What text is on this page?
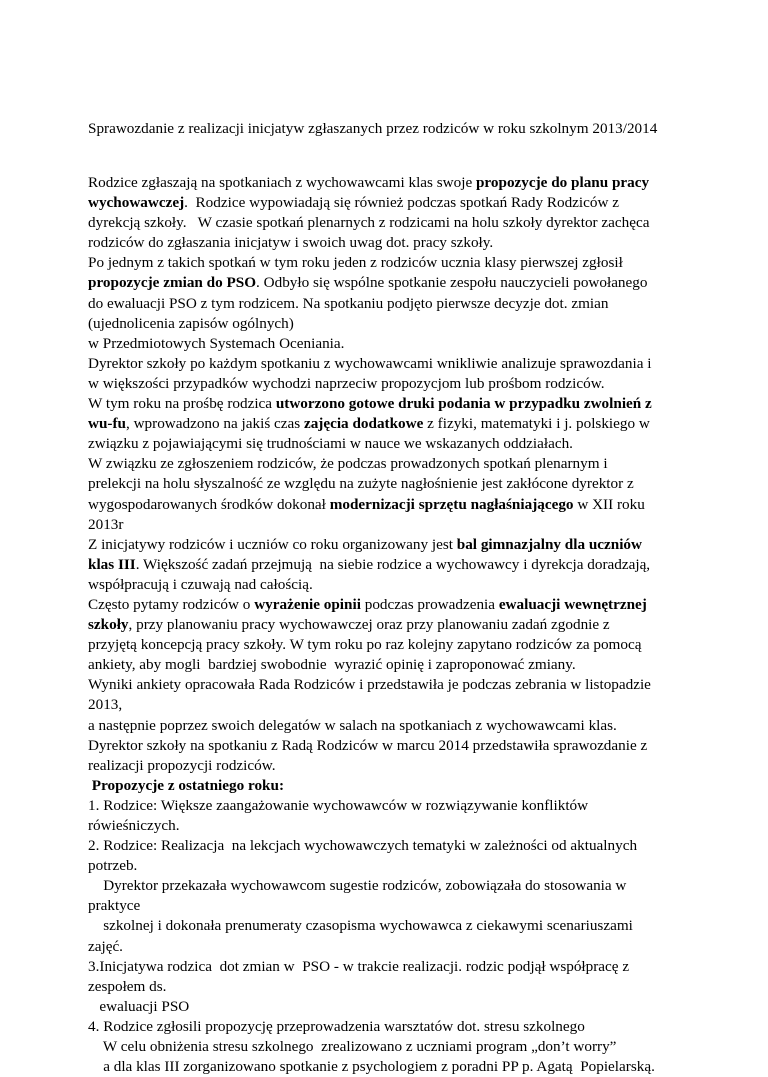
Sprawozdanie z realizacji inicjatyw zgłaszanych przez rodziców w roku szkolnym 2013/2014
Rodzice zgłaszają na spotkaniach z wychowawcami klas swoje propozycje do planu pracy
wychowawczej.  Rodzice wypowiadają się również podczas spotkań Rady Rodziców z
dyrekcją szkoły.   W czasie spotkań plenarnych z rodzicami na holu szkoły dyrektor zachęca
rodziców do zgłaszania inicjatyw i swoich uwag dot. pracy szkoły.
Po jednym z takich spotkań w tym roku jeden z rodziców ucznia klasy pierwszej zgłosił
propozycje zmian do PSO. Odbyło się wspólne spotkanie zespołu nauczycieli powołanego
do ewaluacji PSO z tym rodzicem. Na spotkaniu podjęto pierwsze decyzje dot. zmian
(ujednolicenia zapisów ogólnych)
w Przedmiotowych Systemach Oceniania.
Dyrektor szkoły po każdym spotkaniu z wychowawcami wnikliwie analizuje sprawozdania i
w większości przypadków wychodzi naprzeciw propozycjom lub prośbom rodziców.
W tym roku na prośbę rodzica utworzono gotowe druki podania w przypadku zwolnień z
wu-fu, wprowadzono na jakiś czas zajęcia dodatkowe z fizyki, matematyki i j. polskiego w
związku z pojawiającymi się trudnościami w nauce we wskazanych oddziałach.
W związku ze zgłoszeniem rodziców, że podczas prowadzonych spotkań plenarnym i
prelekcji na holu słyszalność ze względu na zużyte nagłośnienie jest zakłócone dyrektor z
wygospodarowanych środków dokonał modernizacji sprzętu nagłaśniającego w XII roku
2013r
Z inicjatywy rodziców i uczniów co roku organizowany jest bal gimnazjalny dla uczniów
klas III. Większość zadań przejmują  na siebie rodzice a wychowawcy i dyrekcja doradzają,
współpracują i czuwają nad całością.
Często pytamy rodziców o wyrażenie opinii podczas prowadzenia ewaluacji wewnętrznej
szkoły, przy planowaniu pracy wychowawczej oraz przy planowaniu zadań zgodnie z
przyjętą koncepcją pracy szkoły. W tym roku po raz kolejny zapytano rodziców za pomocą
ankiety, aby mogli  bardziej swobodnie  wyrazić opinię i zaproponować zmiany.
Wyniki ankiety opracowała Rada Rodziców i przedstawiła je podczas zebrania w listopadzie
2013,
a następnie poprzez swoich delegatów w salach na spotkaniach z wychowawcami klas.
Dyrektor szkoły na spotkaniu z Radą Rodziców w marcu 2014 przedstawiła sprawozdanie z
realizacji propozycji rodziców.
Propozycje z ostatniego roku:
1. Rodzice: Większe zaangażowanie wychowawców w rozwiązywanie konfliktów
rówieśniczych.
2. Rodzice: Realizacja  na lekcjach wychowawczych tematyki w zależności od aktualnych
potrzeb.
Dyrektor przekazała wychowawcom sugestie rodziców, zobowiązała do stosowania w
praktyce
szkolnej i dokonała prenumeraty czasopisma wychowawca z ciekawymi scenariuszami
zajęć.
3.Inicjatywa rodzica  dot zmian w  PSO - w trakcie realizacji. rodzic podjął współpracę z
zespołem ds.
ewaluacji PSO
4. Rodzice zgłosili propozycję przeprowadzenia warsztatów dot. stresu szkolnego
W celu obniżenia stresu szkolnego  zrealizowano z uczniami program „don’t worry”
a dla klas III zorganizowano spotkanie z psychologiem z poradni PP p. Agatą  Popielarską.
